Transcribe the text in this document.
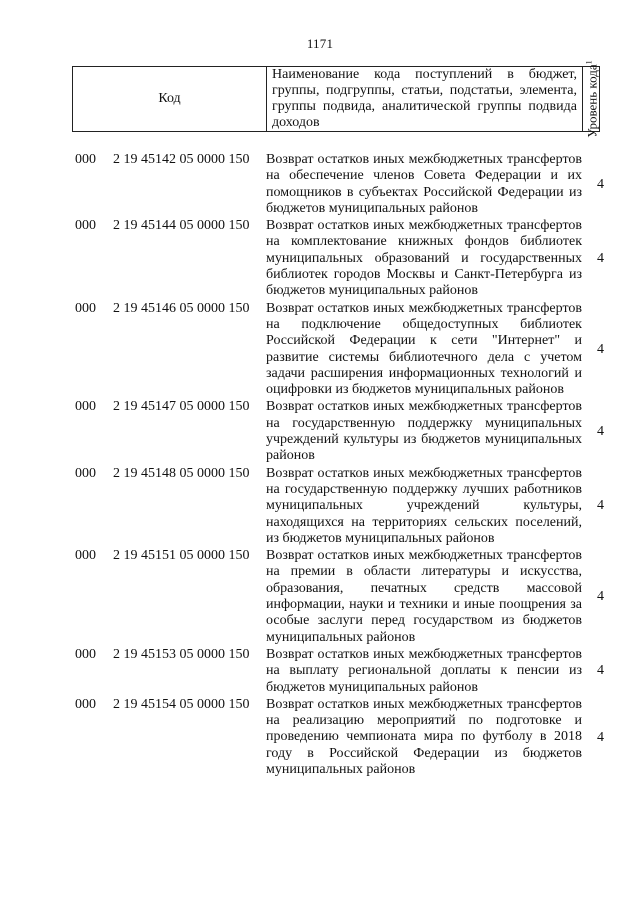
1171
Код
Наименование кода поступлений в бюджет, группы, подгруппы, статьи, подстатьи, элемента, группы подвида, аналитической группы подвида доходов	Уровень кода$^1$
000 2 19 45142 05 0000 150 Возврат остатков иных межбюджетных трансфертов на обеспечение членов Совета Федерации и их помощников в субъектах Российской Федерации из бюджетов муниципальных районов
4
000 2 19 45144 05 0000 150 Возврат остатков иных межбюджетных трансфертов на комплектование книжных фондов библиотек муниципальных образований и государственных библиотек городов Москвы и Санкт-Петербурга из бюджетов муниципальных районов
4
000 2 19 45146 05 0000 150 Возврат остатков иных межбюджетных трансфертов на подключение общедоступных библиотек Российской Федерации к сети "Интернет" и развитие системы библиотечного дела с учетом задачи расширения информационных технологий и оцифровки из бюджетов муниципальных районов
4
000 2 19 45147 05 0000 150 Возврат остатков иных межбюджетных трансфертов на государственную поддержку муниципальных учреждений культуры из бюджетов муниципальных районов
4
000 2 19 45148 05 0000 150 Возврат остатков иных межбюджетных трансфертов на государственную поддержку лучших работников муниципальных учреждений культуры, находящихся на территориях сельских поселений, из бюджетов муниципальных районов
4
000 2 19 45151 05 0000 150 Возврат остатков иных межбюджетных трансфертов на премии в области литературы и искусства, образования, печатных средств массовой информации, науки и техники и иные поощрения за особые заслуги перед государством из бюджетов муниципальных районов
4
000 2 19 45153 05 0000 150 Возврат остатков иных межбюджетных трансфертов на выплату региональной доплаты к пенсии из бюджетов муниципальных районов
4
000 2 19 45154 05 0000 150 Возврат остатков иных межбюджетных трансфертов на реализацию мероприятий по подготовке и проведению чемпионата мира по футболу в 2018 году в Российской Федерации из бюджетов муниципальных районов
4
